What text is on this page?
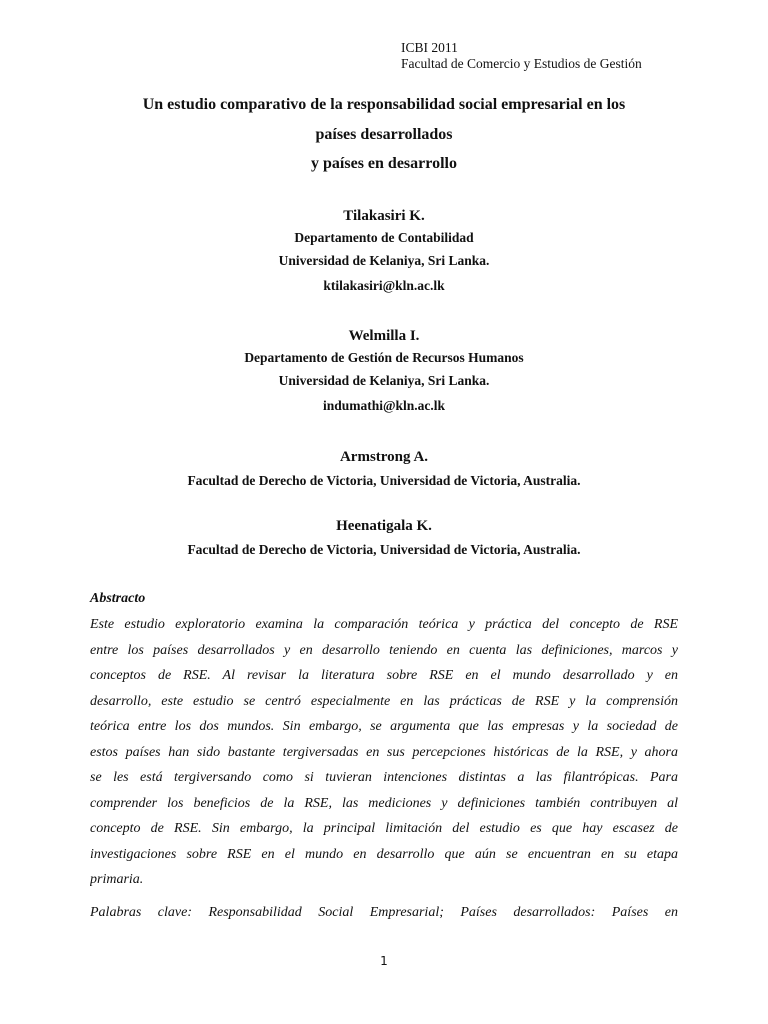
ICBI 2011
Facultad de Comercio y Estudios de Gestión
Un estudio comparativo de la responsabilidad social empresarial en los
países desarrollados
y países en desarrollo
Tilakasiri K.
Departamento de Contabilidad
Universidad de Kelaniya, Sri Lanka.
ktilakasiri@kln.ac.lk
Welmilla I.
Departamento de Gestión de Recursos Humanos
Universidad de Kelaniya, Sri Lanka.
indumathi@kln.ac.lk
Armstrong A.
Facultad de Derecho de Victoria, Universidad de Victoria, Australia.
Heenatigala K.
Facultad de Derecho de Victoria, Universidad de Victoria, Australia.
Abstracto
Este estudio exploratorio examina la comparación teórica y práctica del concepto de RSE
entre los países desarrollados y en desarrollo teniendo en cuenta las definiciones, marcos y
conceptos de RSE. Al revisar la literatura sobre RSE en el mundo desarrollado y en
desarrollo, este estudio se centró especialmente en las prácticas de RSE y la comprensión
teórica entre los dos mundos. Sin embargo, se argumenta que las empresas y la sociedad de
estos países han sido bastante tergiversadas en sus percepciones históricas de la RSE, y ahora
se les está tergiversando como si tuvieran intenciones distintas a las filantrópicas. Para
comprender los beneficios de la RSE, las mediciones y definiciones también contribuyen al
concepto de RSE. Sin embargo, la principal limitación del estudio es que hay escasez de
investigaciones sobre RSE en el mundo en desarrollo que aún se encuentran en su etapa
primaria.
Palabras clave: Responsabilidad Social Empresarial; Países desarrollados: Países en
1
